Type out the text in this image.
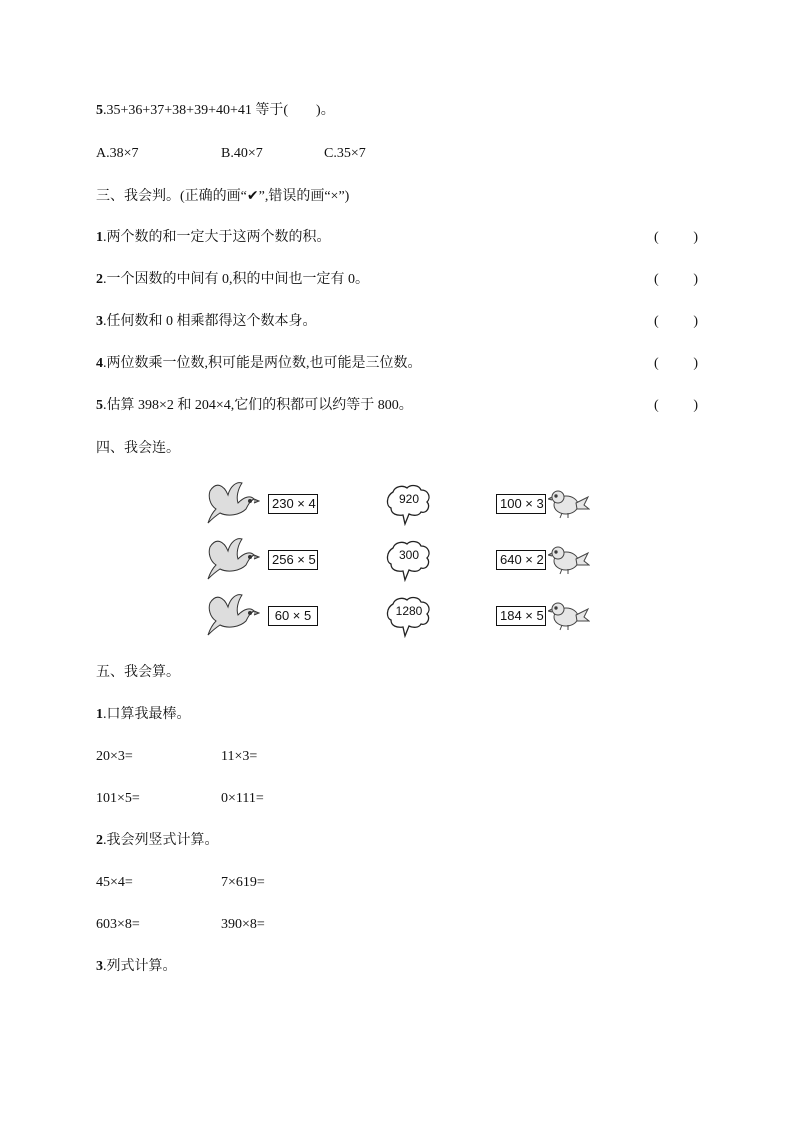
5.35+36+37+38+39+40+41 等于(　　)。
A.38×7	B.40×7	C.35×7
三、我会判。(正确的画“✔”,错误的画“×”)
1.两个数的和一定大于这两个数的积。	( )
2.一个因数的中间有 0,积的中间也一定有 0。	( )
3.任何数和 0 相乘都得这个数本身。	( )
4.两位数乘一位数,积可能是两位数,也可能是三位数。	( )
5.估算 398×2 和 204×4,它们的积都可以约等于 800。	( )
四、我会连。
230 × 4
256 × 5
60 × 5
920
300
1280
100 × 3
640 × 2
184 × 5
五、我会算。
1.口算我最棒。
20×3=	11×3=
101×5=	0×111=
2.我会列竖式计算。
45×4=	7×619=
603×8=	390×8=
3.列式计算。
